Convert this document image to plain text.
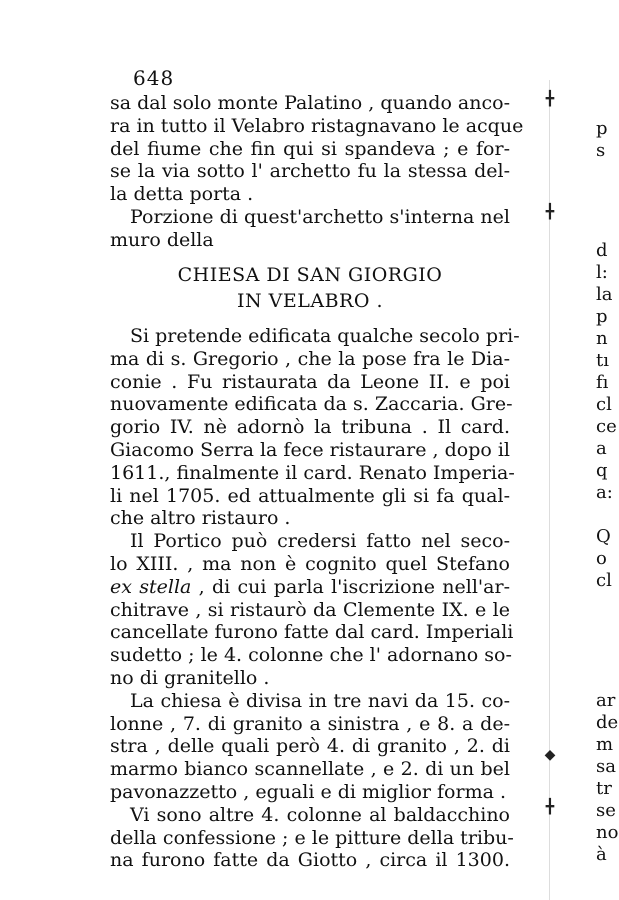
648
sa dal solo monte Palatino , quando anco-
ra in tutto il Velabro ristagnavano le acque
del fiume che fin qui si spandeva ; e for-
se la via sotto l' archetto fu la stessa del-
la detta porta .
Porzione di quest'archetto s'interna nel
muro della
CHIESA DI SAN GIORGIO
IN VELABRO .
Si pretende edificata qualche secolo pri-
ma di s. Gregorio , che la pose fra le Dia-
conie . Fu ristaurata da Leone II. e poi
nuovamente edificata da s. Zaccaria. Gre-
gorio IV. nè adornò la tribuna . Il card.
Giacomo Serra la fece ristaurare , dopo il
1611., finalmente il card. Renato Imperia-
li nel 1705. ed attualmente gli si fa qual-
che altro ristauro .
Il Portico può credersi fatto nel seco-
lo XIII. , ma non è cognito quel Stefano
ex stella , di cui parla l'iscrizione nell'ar-
chitrave , si ristaurò da Clemente IX. e le
cancellate furono fatte dal card. Imperiali
sudetto ; le 4. colonne che l' adornano so-
no di granitello .
La chiesa è divisa in tre navi da 15. co-
lonne , 7. di granito a sinistra , e 8. a de-
stra , delle quali però 4. di granito , 2. di
marmo bianco scannellate , e 2. di un bel
pavonazzetto , eguali e di miglior forma .
Vi sono altre 4. colonne al baldacchino
della confessione ; e le pitture della tribu-
na furono fatte da Giotto , circa il 1300.
╋
╋
◆
╋
p
s
d
l:
la
p
n
tı
fı
cl
ce
a
q
a:
Q
o
cl
ar
de
m
sa
tr
se
no
à
